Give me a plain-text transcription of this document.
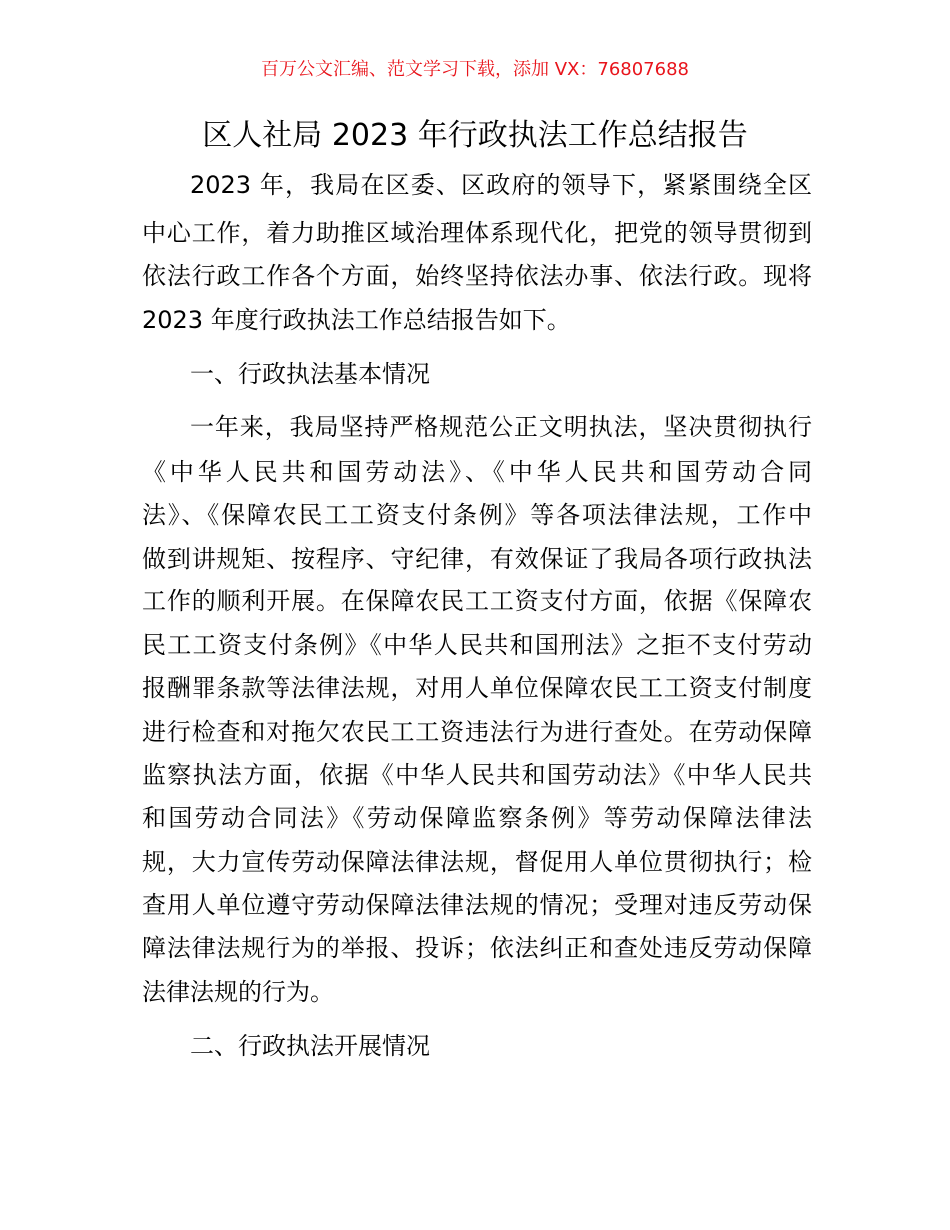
百万公文汇编、范文学习下载，添加 VX：76807688
区人社局 2023 年行政执法工作总结报告
2023 年，我局在区委、区政府的领导下，紧紧围绕全区
中心工作，着力助推区域治理体系现代化，把党的领导贯彻到
依法行政工作各个方面，始终坚持依法办事、依法行政。现将
2023 年度行政执法工作总结报告如下。
一、行政执法基本情况
一年来，我局坚持严格规范公正文明执法，坚决贯彻执行
《中华人民共和国劳动法》、《中华人民共和国劳动合同
法》、《保障农民工工资支付条例》等各项法律法规，工作中
做到讲规矩、按程序、守纪律，有效保证了我局各项行政执法
工作的顺利开展。在保障农民工工资支付方面，依据《保障农
民工工资支付条例》《中华人民共和国刑法》之拒不支付劳动
报酬罪条款等法律法规，对用人单位保障农民工工资支付制度
进行检查和对拖欠农民工工资违法行为进行查处。在劳动保障
监察执法方面，依据《中华人民共和国劳动法》《中华人民共
和国劳动合同法》《劳动保障监察条例》等劳动保障法律法
规，大力宣传劳动保障法律法规，督促用人单位贯彻执行；检
查用人单位遵守劳动保障法律法规的情况；受理对违反劳动保
障法律法规行为的举报、投诉；依法纠正和查处违反劳动保障
法律法规的行为。
二、行政执法开展情况
